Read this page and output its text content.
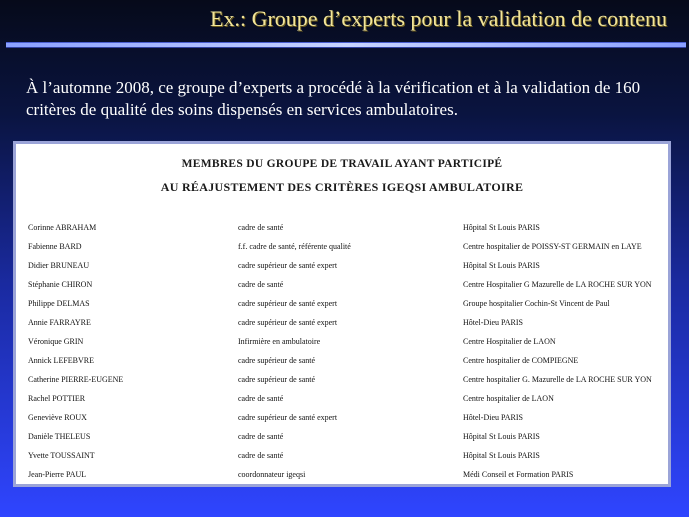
Ex.: Groupe d’experts pour la validation de contenu
À l’automne 2008, ce groupe d’experts a procédé à la vérification et à la validation de 160 critères de qualité des soins dispensés en services ambulatoires.
MEMBRES DU GROUPE DE TRAVAIL AYANT PARTICIPÉ
AU RÉAJUSTEMENT DES CRITÈRES IGEQSI AMBULATOIRE
Corinne ABRAHAM	cadre de santé	Hôpital St Louis PARIS
Fabienne BARD	f.f. cadre de santé, référente qualité	Centre hospitalier de POISSY-ST GERMAIN en LAYE
Didier BRUNEAU	cadre supérieur de santé expert	Hôpital St Louis PARIS
Stéphanie CHIRON	cadre de santé	Centre Hospitalier G Mazurelle de LA ROCHE SUR YON
Philippe DELMAS	cadre supérieur de santé expert	Groupe hospitalier Cochin-St Vincent de Paul
Annie FARRAYRE	cadre supérieur de santé expert	Hôtel-Dieu PARIS
Véronique GRIN	Infirmière en ambulatoire	Centre Hospitalier de LAON
Annick LEFEBVRE	cadre supérieur de santé	Centre hospitalier de COMPIEGNE
Catherine PIERRE-EUGENE	cadre supérieur de santé	Centre hospitalier G. Mazurelle de LA ROCHE SUR YON
Rachel POTTIER	cadre de santé	Centre hospitalier de LAON
Geneviève ROUX	cadre supérieur de santé expert	Hôtel-Dieu PARIS
Danièle THELEUS	cadre de santé	Hôpital St Louis PARIS
Yvette TOUSSAINT	cadre de santé	Hôpital St Louis PARIS
Jean-Pierre PAUL	coordonnateur igeqsi	Médi Conseil et Formation PARIS
